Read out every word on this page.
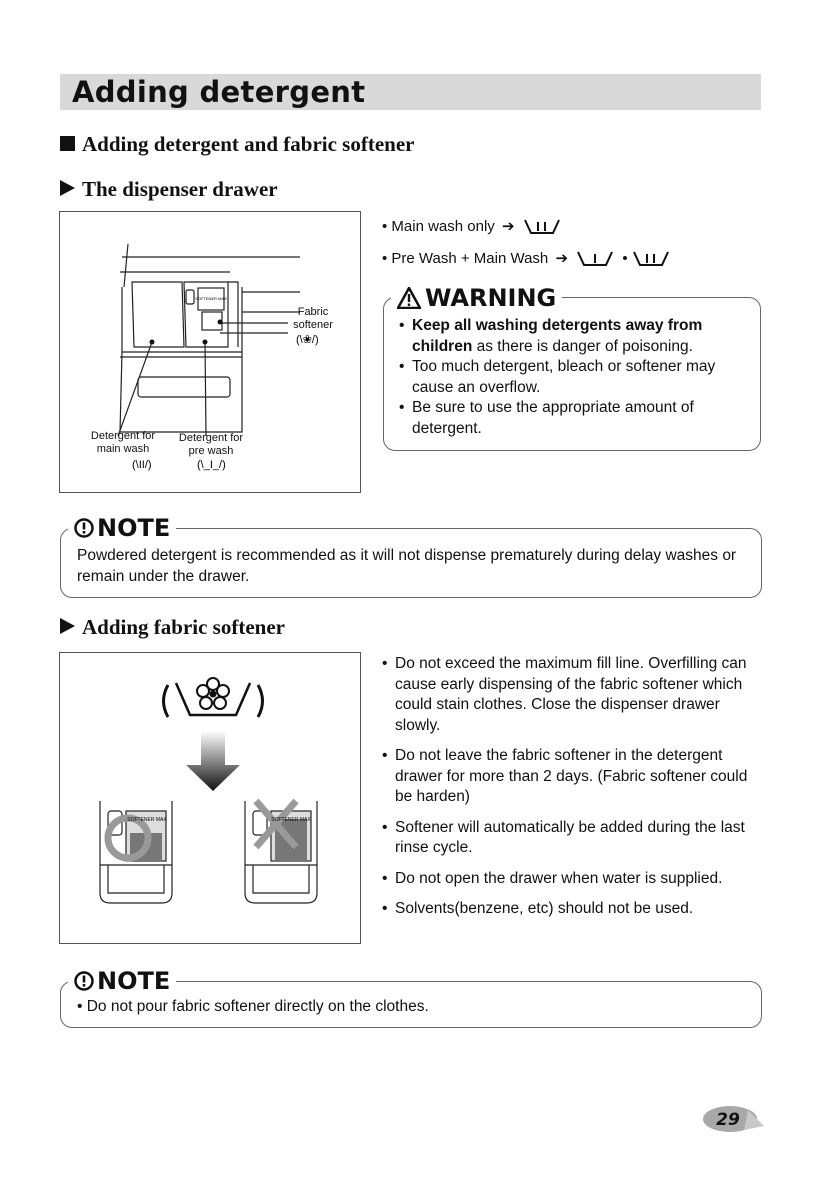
Adding detergent
Adding detergent and fabric softener
The dispenser drawer
SOFTENER MAX
(\II/)	(\_I_/)
(\❀/)
Fabric softener
Detergent for main wash
Detergent for pre wash
• Main wash only ➔
• Pre Wash + Main Wash ➔	•
WARNING
• Keep all washing detergents away from children as there is danger of poisoning.
• Too much detergent, bleach or softener may cause an overflow.
• Be sure to use the appropriate amount of detergent.
NOTE
Powdered detergent is recommended as it will not dispense prematurely during delay washes or remain under the drawer.
Adding fabric softener
SOFTENER MAX	SOFTENER MAX
• Do not exceed the maximum fill line. Overfilling can cause early dispensing of the fabric softener which could stain clothes. Close the dispenser drawer slowly.
• Do not leave the fabric softener in the detergent drawer for more than 2 days. (Fabric softener could be harden)
• Softener will automatically be added during the last rinse cycle.
• Do not open the drawer when water is supplied.
• Solvents(benzene, etc) should not be used.
NOTE
• Do not pour fabric softener directly on the clothes.
29
